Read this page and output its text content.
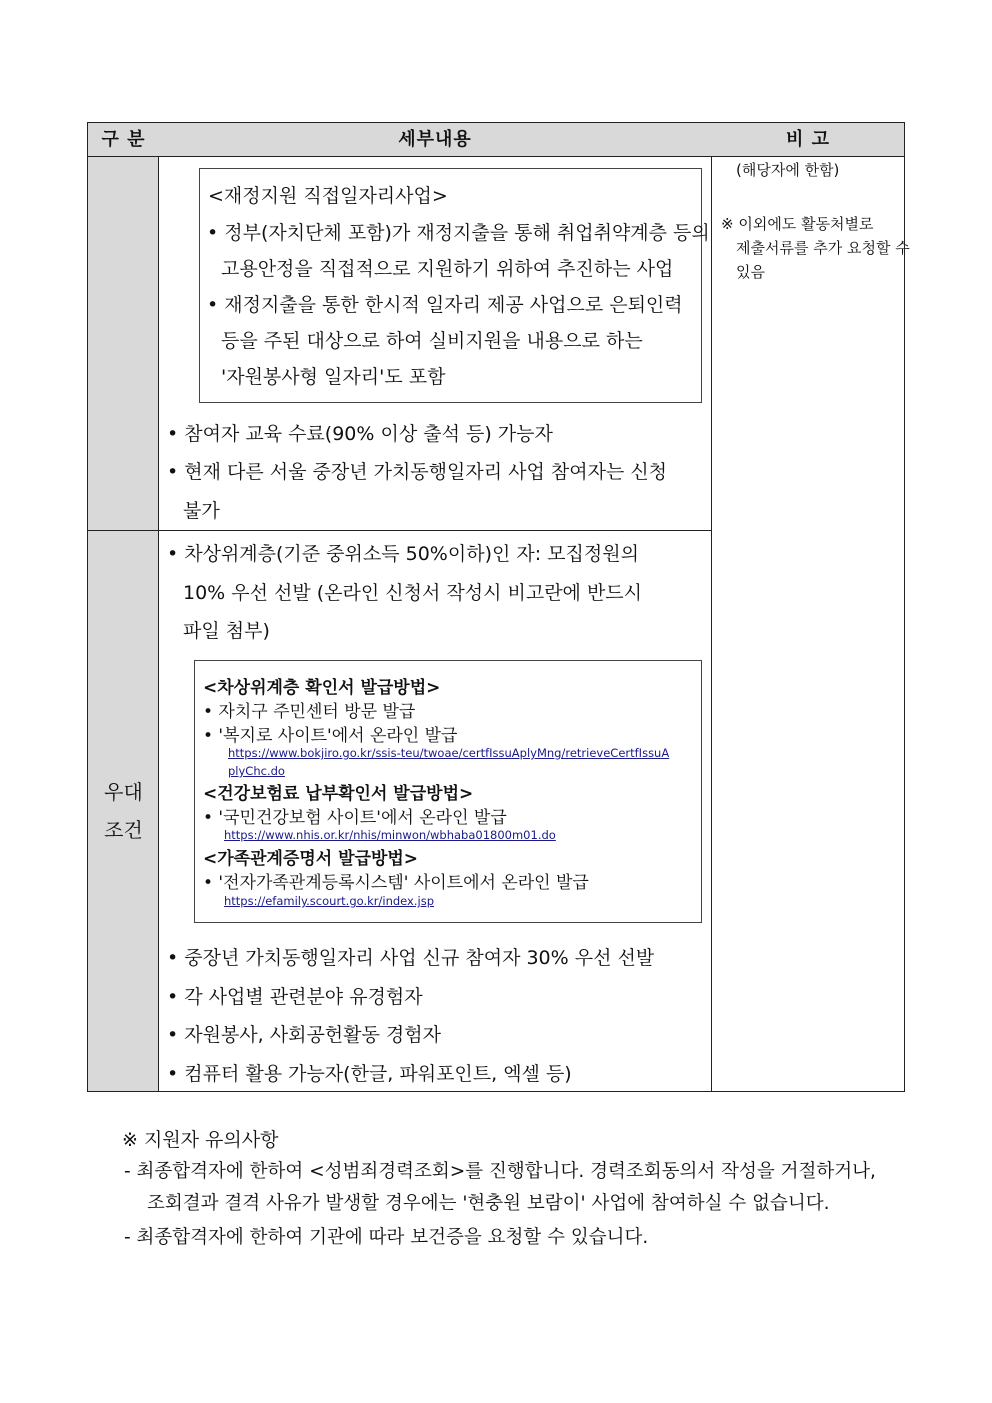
구 분	세부내용	비 고
(해당자에 한함)
※ 이외에도 활동처별로
제출서류를 추가 요청할 수
있음
<재정지원 직접일자리사업>
• 정부(자치단체 포함)가 재정지출을 통해 취업취약계층 등의
고용안정을 직접적으로 지원하기 위하여 추진하는 사업
• 재정지출을 통한 한시적 일자리 제공 사업으로 은퇴인력
등을 주된 대상으로 하여 실비지원을 내용으로 하는
'자원봉사형 일자리'도 포함
• 참여자 교육 수료(90% 이상 출석 등) 가능자
• 현재 다른 서울 중장년 가치동행일자리 사업 참여자는 신청
불가
우대
조건
• 차상위계층(기준 중위소득 50%이하)인 자: 모집정원의
10% 우선 선발 (온라인 신청서 작성시 비고란에 반드시
파일 첨부)
<차상위계층 확인서 발급방법>
• 자치구 주민센터 방문 발급
• '복지로 사이트'에서 온라인 발급
https://www.bokjiro.go.kr/ssis-teu/twoae/certfIssuAplyMng/retrieveCertfIssuA
plyChc.do
<건강보험료 납부확인서 발급방법>
• '국민건강보험 사이트'에서 온라인 발급
https://www.nhis.or.kr/nhis/minwon/wbhaba01800m01.do
<가족관계증명서 발급방법>
• '전자가족관계등록시스템' 사이트에서 온라인 발급
https://efamily.scourt.go.kr/index.jsp
• 중장년 가치동행일자리 사업 신규 참여자 30% 우선 선발
• 각 사업별 관련분야 유경험자
• 자원봉사, 사회공헌활동 경험자
• 컴퓨터 활용 가능자(한글, 파워포인트, 엑셀 등)
※ 지원자 유의사항
- 최종합격자에 한하여 <성범죄경력조회>를 진행합니다. 경력조회동의서 작성을 거절하거나,
조회결과 결격 사유가 발생할 경우에는 '현충원 보람이' 사업에 참여하실 수 없습니다.
- 최종합격자에 한하여 기관에 따라 보건증을 요청할 수 있습니다.
